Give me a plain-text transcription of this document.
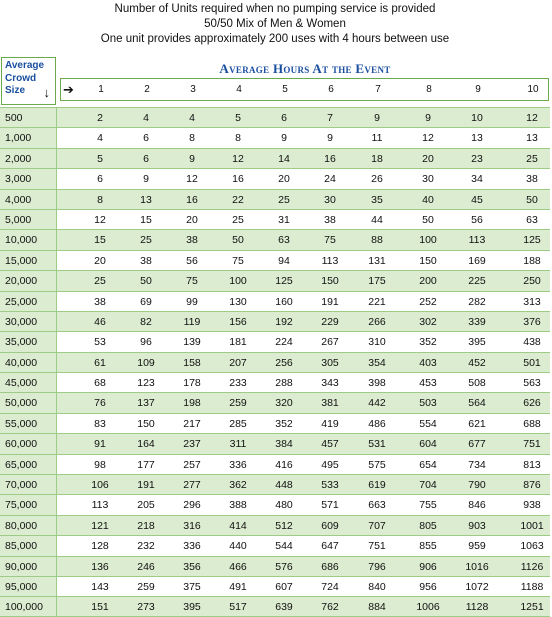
Number of Units required when no pumping service is provided
50/50 Mix of Men & Women
One unit provides approximately 200 uses with 4 hours between use
Average
Crowd
Size	↓
Average Hours At the Event
➔	1	2	3	4	5	6	7	8	9	10
500	2	4	4	5	6	7	9	9	10	12
1,000	4	6	8	8	9	9	11	12	13	13
2,000	5	6	9	12	14	16	18	20	23	25
3,000	6	9	12	16	20	24	26	30	34	38
4,000	8	13	16	22	25	30	35	40	45	50
5,000	12	15	20	25	31	38	44	50	56	63
10,000	15	25	38	50	63	75	88	100	113	125
15,000	20	38	56	75	94	113	131	150	169	188
20,000	25	50	75	100	125	150	175	200	225	250
25,000	38	69	99	130	160	191	221	252	282	313
30,000	46	82	119	156	192	229	266	302	339	376
35,000	53	96	139	181	224	267	310	352	395	438
40,000	61	109	158	207	256	305	354	403	452	501
45,000	68	123	178	233	288	343	398	453	508	563
50,000	76	137	198	259	320	381	442	503	564	626
55,000	83	150	217	285	352	419	486	554	621	688
60,000	91	164	237	311	384	457	531	604	677	751
65,000	98	177	257	336	416	495	575	654	734	813
70,000	106	191	277	362	448	533	619	704	790	876
75,000	113	205	296	388	480	571	663	755	846	938
80,000	121	218	316	414	512	609	707	805	903	1001
85,000	128	232	336	440	544	647	751	855	959	1063
90,000	136	246	356	466	576	686	796	906	1016	1126
95,000	143	259	375	491	607	724	840	956	1072	1188
100,000	151	273	395	517	639	762	884	1006	1128	1251
